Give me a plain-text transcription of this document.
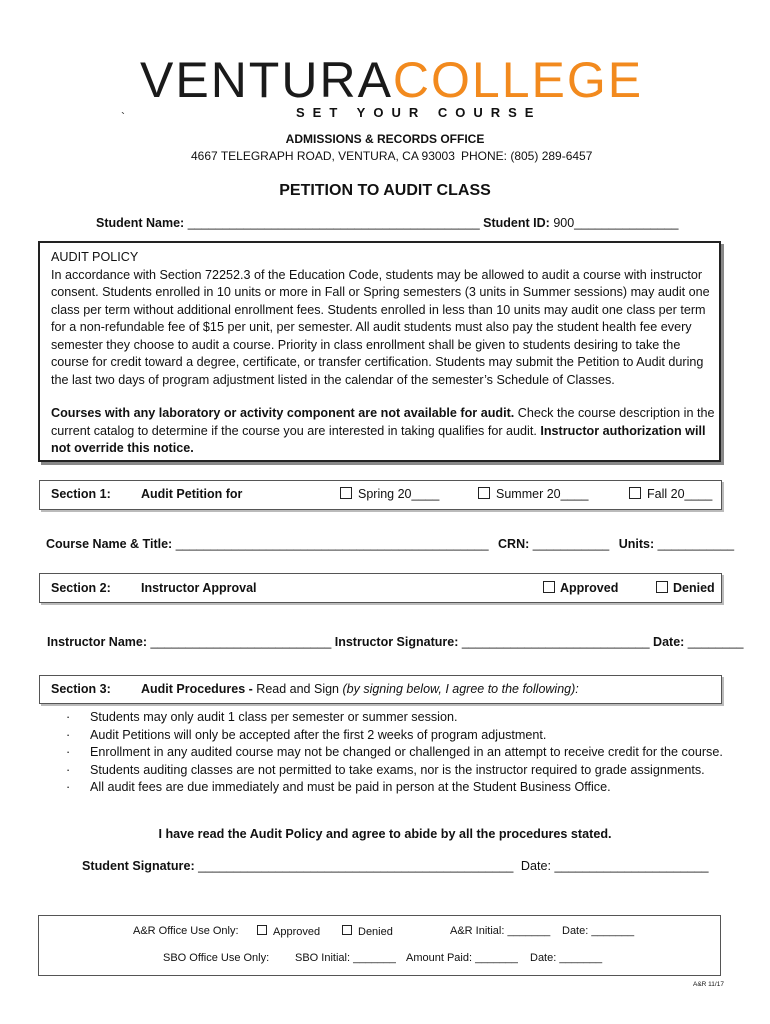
VENTURACOLLEGE
SET YOUR COURSE
`
ADMISSIONS & RECORDS OFFICE
4667 TELEGRAPH ROAD, VENTURA, CA 93003 PHONE: (805) 289-6457
PETITION TO AUDIT CLASS
Student Name: __________________________________________ Student ID: 900_______________

AUDIT POLICY
In accordance with Section 72252.3 of the Education Code, students may be allowed to audit a course with instructor consent. Students enrolled in 10 units or more in Fall or Spring semesters (3 units in Summer sessions) may audit one class per term without additional enrollment fees. Students enrolled in less than 10 units may audit one class per term for a non-refundable fee of $15 per unit, per semester. All audit students must also pay the student health fee every semester they choose to audit a course. Priority in class enrollment shall be given to students desiring to take the course for credit toward a degree, certificate, or transfer certification. Students may submit the Petition to Audit during the last two days of program adjustment listed in the calendar of the semester’s Schedule of Classes.

Courses with any laboratory or activity component are not available for audit. Check the course description in the current catalog to determine if the course you are interested in taking qualifies for audit. Instructor authorization will not override this notice.

Section 1: Audit Petition for	Spring 20____	Summer 20____	Fall 20____
Course Name & Title: _____________________________________________ CRN: ___________ Units: ___________
Section 2: Instructor Approval	Approved	Denied
Instructor Name: __________________________ Instructor Signature: ___________________________ Date: ________
Section 3: Audit Procedures - Read and Sign (by signing below, I agree to the following):
· Students may only audit 1 class per semester or summer session.
· Audit Petitions will only be accepted after the first 2 weeks of program adjustment.
· Enrollment in any audited course may not be changed or challenged in an attempt to receive credit for the course.
· Students auditing classes are not permitted to take exams, nor is the instructor required to grade assignments.
· All audit fees are due immediately and must be paid in person at the Student Business Office.
I have read the Audit Policy and agree to abide by all the procedures stated.
Student Signature: _____________________________________________ Date: ______________________
A&R Office Use Only:	Approved	Denied	A&R Initial: _______ Date: _______
SBO Office Use Only: SBO Initial: _______ Amount Paid: _______ Date: _______
A&R 11/17
